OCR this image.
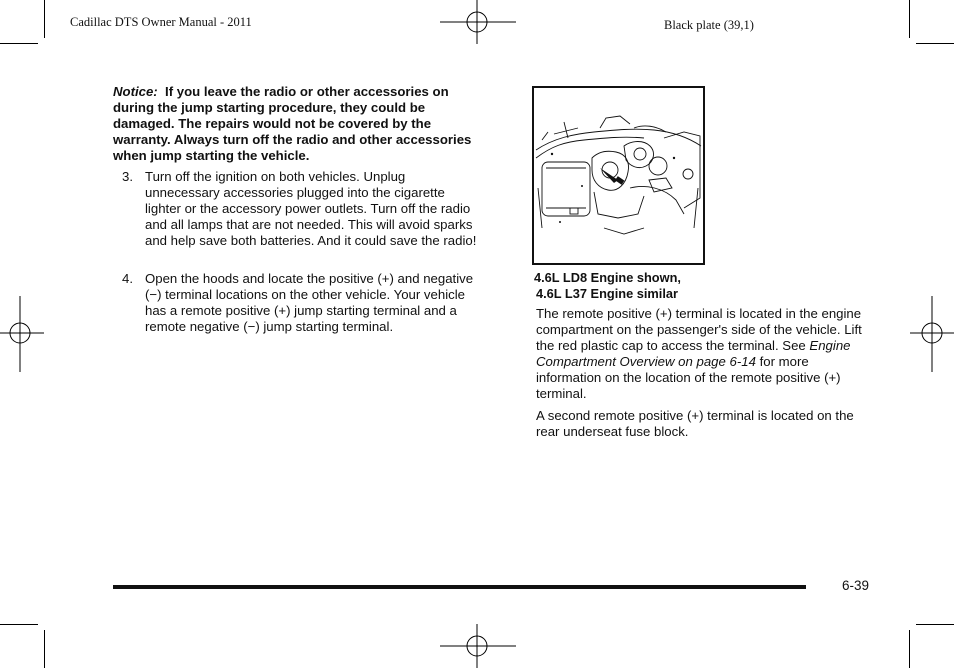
Cadillac DTS Owner Manual - 2011	Black plate (39,1)
Notice: If you leave the radio or other accessories on during the jump starting procedure, they could be damaged. The repairs would not be covered by the warranty. Always turn off the radio and other accessories when jump starting the vehicle.
3. Turn off the ignition on both vehicles. Unplug unnecessary accessories plugged into the cigarette lighter or the accessory power outlets. Turn off the radio and all lamps that are not needed. This will avoid sparks and help save both batteries. And it could save the radio!
4. Open the hoods and locate the positive (+) and negative (−) terminal locations on the other vehicle. Your vehicle has a remote positive (+) jump starting terminal and a remote negative (−) jump starting terminal.
4.6L LD8 Engine shown,
4.6L L37 Engine similar
The remote positive (+) terminal is located in the engine compartment on the passenger's side of the vehicle. Lift the red plastic cap to access the terminal. See Engine Compartment Overview on page 6‑14 for more information on the location of the remote positive (+) terminal.
A second remote positive (+) terminal is located on the rear underseat fuse block.
6-39
